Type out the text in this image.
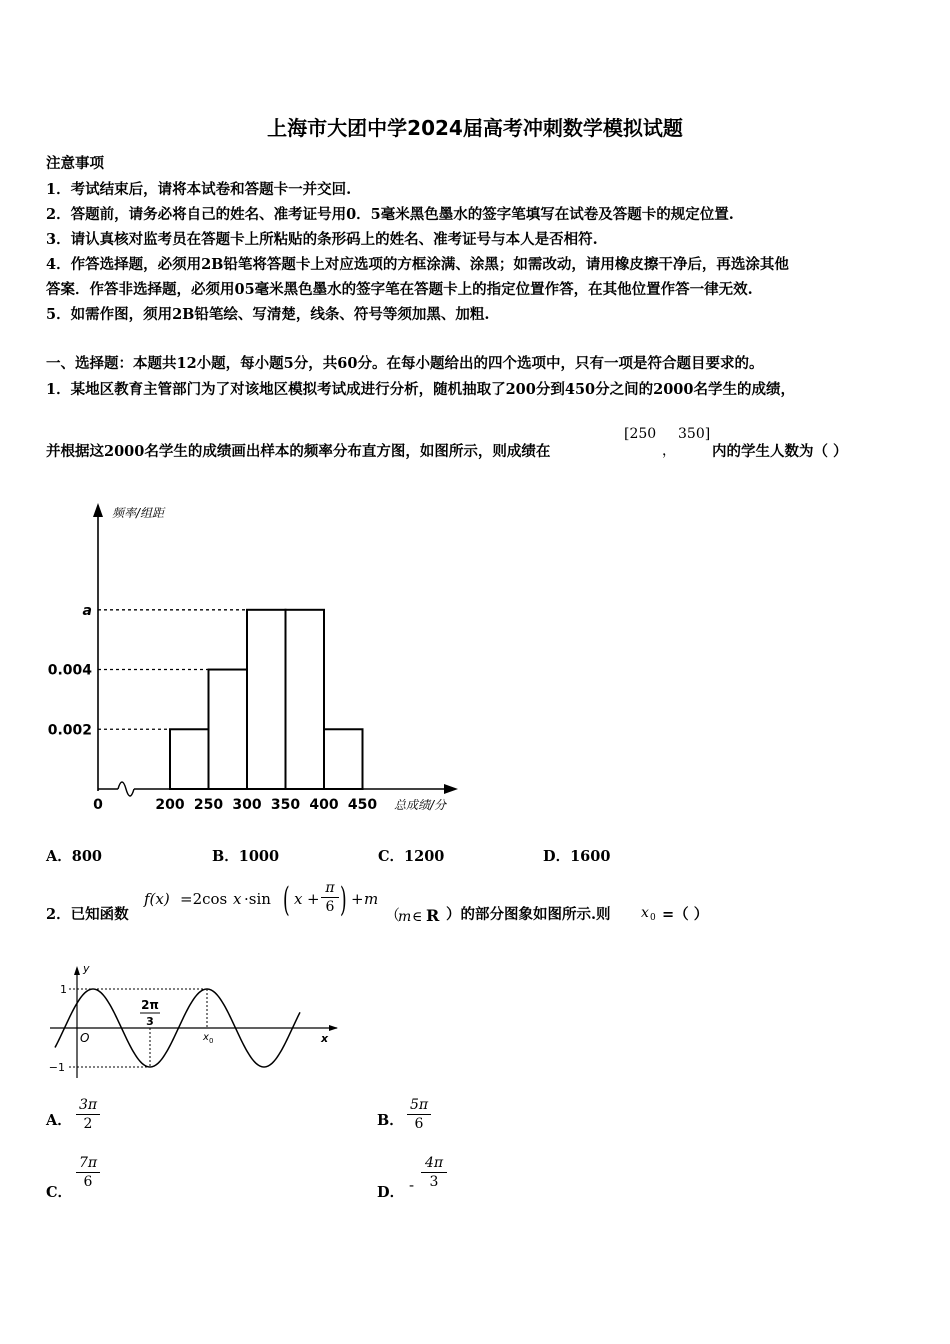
上海市大团中学2024届高考冲刺数学模拟试题
注意事项
1．考试结束后，请将本试卷和答题卡一并交回.
2．答题前，请务必将自己的姓名、准考证号用0．5毫米黑色墨水的签字笔填写在试卷及答题卡的规定位置.
3．请认真核对监考员在答题卡上所粘贴的条形码上的姓名、准考证号与本人是否相符.
4．作答选择题，必须用2B铅笔将答题卡上对应选项的方框涂满、涂黑；如需改动，请用橡皮擦干净后，再选涂其他
答案．作答非选择题，必须用05毫米黑色墨水的签字笔在答题卡上的指定位置作答，在其他位置作答一律无效.
5．如需作图，须用2B铅笔绘、写清楚，线条、符号等须加黑、加粗.
一、选择题：本题共12小题，每小题5分，共60分。在每小题给出的四个选项中，只有一项是符合题目要求的。
1．某地区教育主管部门为了对该地区模拟考试成进行分析，随机抽取了200分到450分之间的2000名学生的成绩，
并根据这2000名学生的成绩画出样本的频率分布直方图，如图所示，则成绩在
[250
，
350]
内的学生人数为（ ）
频率/组距
总成绩/分
0
0.002
0.004
a
200 250 300 350 400 450
A．800	B．1000	C．1200	D．1600
2．已知函数
f(x) =2cos x ·sin ( x +
π
6 ) + m
（
m ∈ R ）的部分图象如图所示.则 x 0 =（ ）
y
x
O
1
−1
2π
3
x 0
A．
3π
2	B．
5π
6
C．
7π
6
D． -
4π
3
